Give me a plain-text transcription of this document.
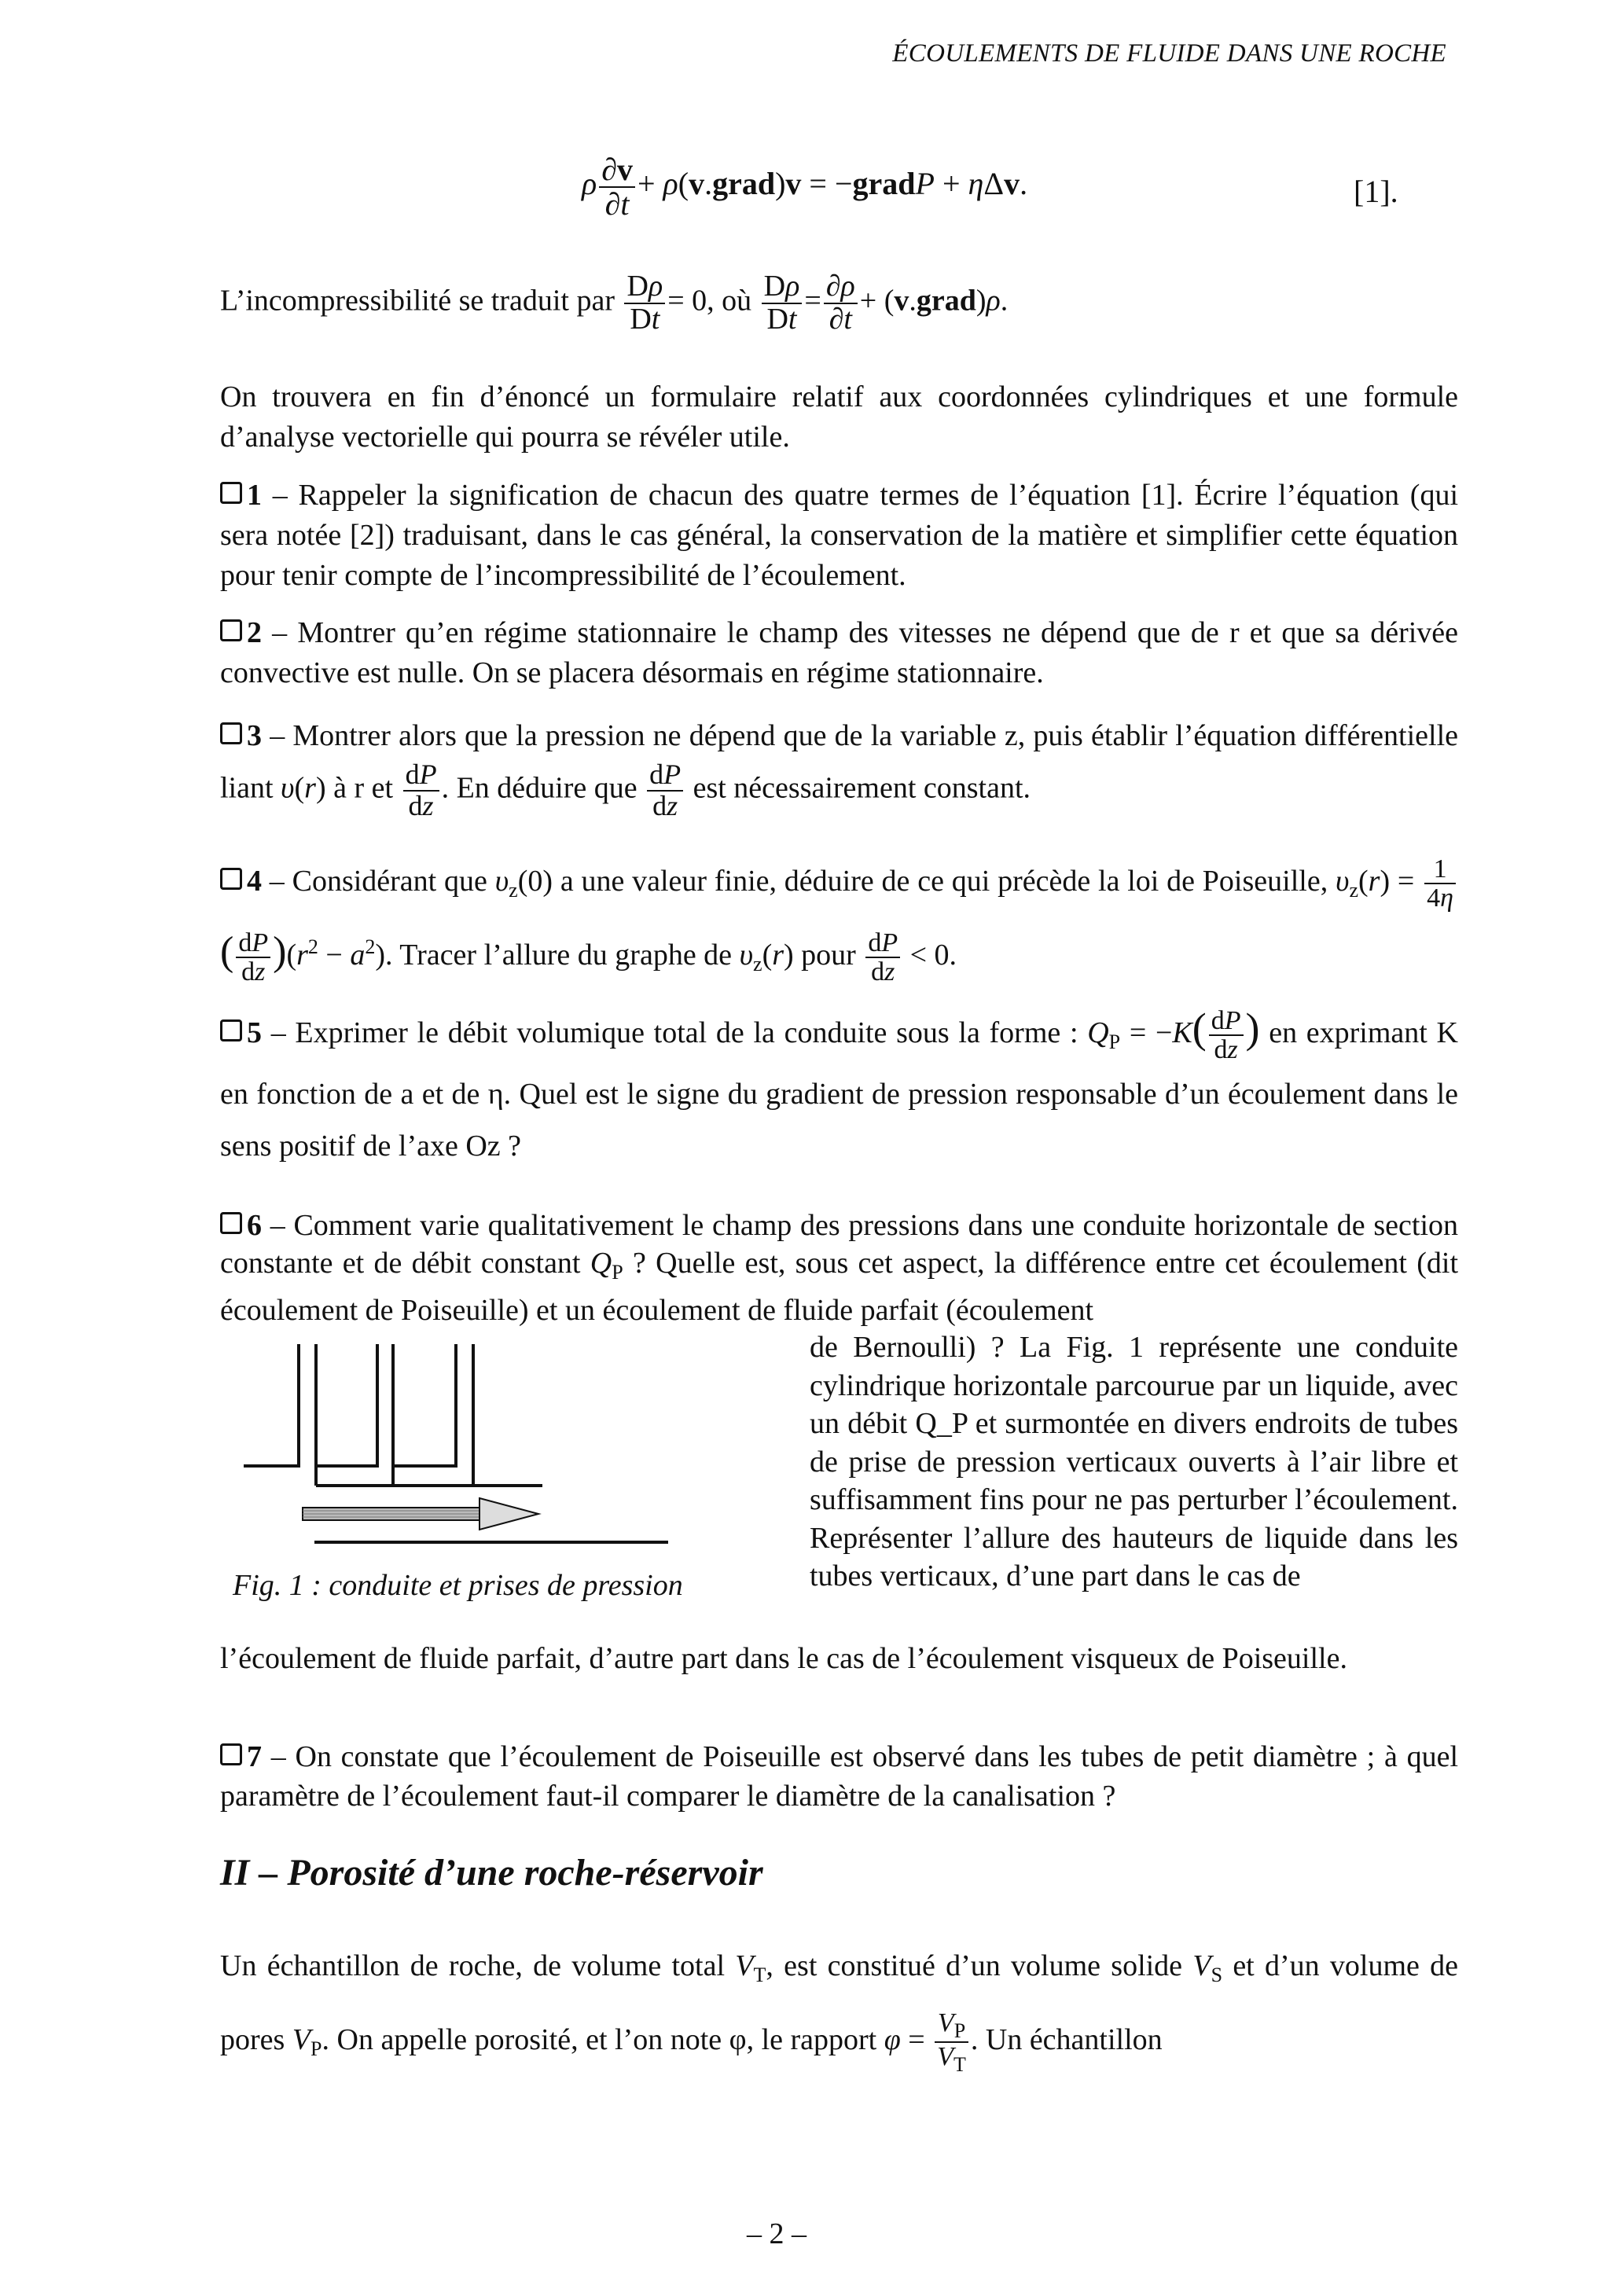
ÉCOULEMENTS DE FLUIDE DANS UNE ROCHE
ρ $\frac{\partial v}{\partial t}$ + ρ(v.grad)v = −gradP + ηΔv.	[1].
L’incompressibilité se traduit par $\frac{D\rho}{Dt} = 0$, où $\frac{D\rho}{Dt} = \frac{\partial\rho}{\partial t}$ + (v.grad)ρ.

On trouvera en fin d’énoncé un formulaire relatif aux coordonnées cylindriques et une formule d’analyse vectorielle qui pourra se révéler utile.

1 – Rappeler la signification de chacun des quatre termes de l’équation [1]. Écrire l’équation (qui sera notée [2]) traduisant, dans le cas général, la conservation de la matière et simplifier cette équation pour tenir compte de l’incompressibilité de l’écoulement.

2 – Montrer qu’en régime stationnaire le champ des vitesses ne dépend que de r et que sa dérivée convective est nulle. On se placera désormais en régime stationnaire.

3 – Montrer alors que la pression ne dépend que de la variable z, puis établir l’équation différentielle liant υ(r) à r et $\frac{dP}{dz}$ . En déduire que $\frac{dP}{dz}$ est nécessairement constant.

4 – Considérant que $\upsilon_z(0)$ a une valeur finie, déduire de ce qui précède la loi de Poiseuille, $\upsilon_z(r) = \frac{1}{4\eta}$
( $\frac{dP}{dz} )(r^2 - a^2)$. Tracer l’allure du graphe de $\upsilon_z(r)$ pour $\frac{dP}{dz} < 0$.

5 – Exprimer le débit volumique total de la conduite sous la forme : $Q_P = -K( \frac{dP}{dz}$ ) en exprimant K en fonction de a et de η. Quel est le signe du gradient de pression responsable d’un écoulement dans le sens positif de l’axe Oz ?

6 – Comment varie qualitativement le champ des pressions dans une conduite horizontale de section constante et de débit constant $Q_P$ ? Quelle est, sous cet aspect, la différence entre cet écoulement (dit écoulement de Poiseuille) et un écoulement de fluide parfait (écoulement

Fig. 1 : conduite et prises de pression

de Bernoulli) ? La Fig. 1 représente une conduite cylindrique horizontale parcourue par un liquide, avec un débit Q_P et surmontée en divers endroits de tubes de prise de pression verticaux ouverts à l’air libre et suffisamment fins pour ne pas perturber l’écoulement. Représenter l’allure des hauteurs de liquide dans les tubes verticaux, d’une part dans le cas de

l’écoulement de fluide parfait, d’autre part dans le cas de l’écoulement visqueux de Poiseuille.

7 – On constate que l’écoulement de Poiseuille est observé dans les tubes de petit diamètre ; à quel paramètre de l’écoulement faut-il comparer le diamètre de la canalisation ?

II – Porosité d’une roche-réservoir

Un échantillon de roche, de volume total $V_T$, est constitué d’un volume solide $V_S$ et d’un volume de pores $V_P$. On appelle porosité, et l’on note φ, le rapport $\varphi = \frac{V_P}{V_T}$ . Un échantillon

– 2 –
